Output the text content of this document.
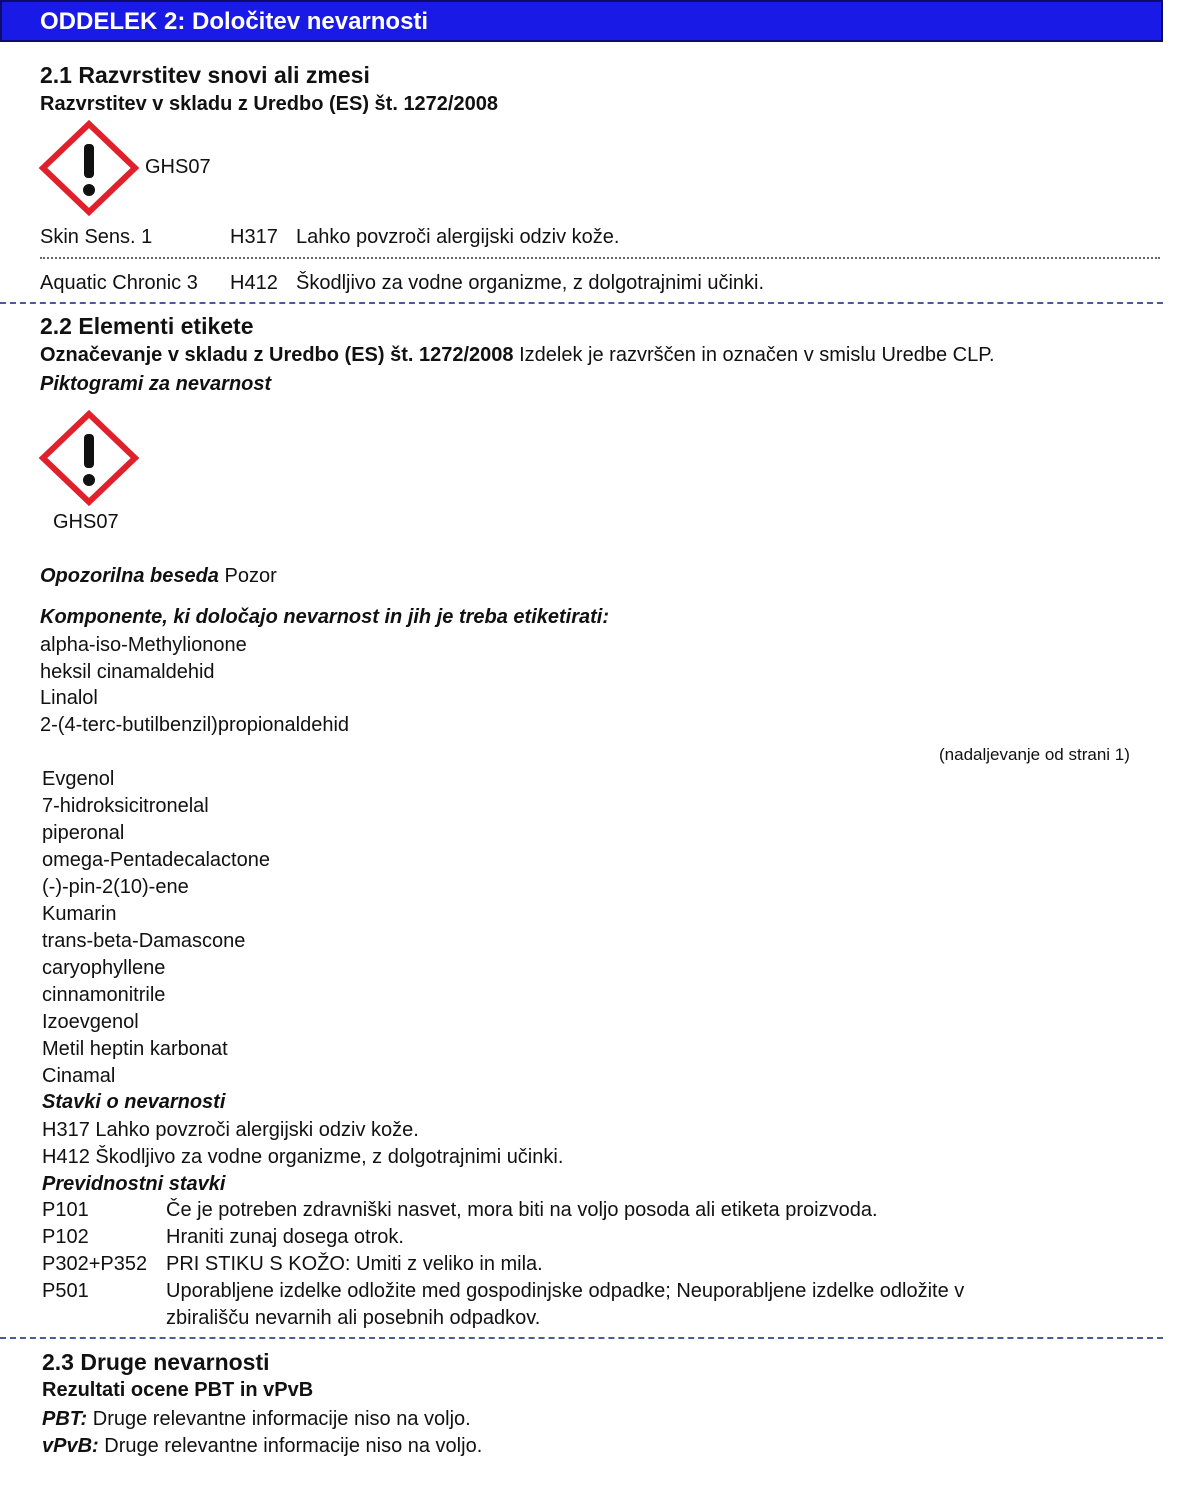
ODDELEK 2: Določitev nevarnosti
2.1 Razvrstitev snovi ali zmesi
Razvrstitev v skladu z Uredbo (ES) št. 1272/2008
GHS07
Skin Sens. 1	H317 Lahko povzroči alergijski odziv kože.
Aquatic Chronic 3 H412 Škodljivo za vodne organizme, z dolgotrajnimi učinki.
2.2 Elementi etikete
Označevanje v skladu z Uredbo (ES) št. 1272/2008 Izdelek je razvrščen in označen v smislu Uredbe CLP.
Piktogrami za nevarnost
GHS07
Opozorilna beseda Pozor
Komponente, ki določajo nevarnost in jih je treba etiketirati:
alpha-iso-Methylionone
heksil cinamaldehid
Linalol
2-(4-terc-butilbenzil)propionaldehid
(nadaljevanje od strani 1)
Evgenol
7-hidroksicitronelal
piperonal
omega-Pentadecalactone
(-)-pin-2(10)-ene
Kumarin
trans-beta-Damascone
caryophyllene
cinnamonitrile
Izoevgenol
Metil heptin karbonat
Cinamal
Stavki o nevarnosti
H317 Lahko povzroči alergijski odziv kože.
H412 Škodljivo za vodne organizme, z dolgotrajnimi učinki.
Previdnostni stavki
P101	Če je potreben zdravniški nasvet, mora biti na voljo posoda ali etiketa proizvoda.
P102	Hraniti zunaj dosega otrok.
P302+P352 PRI STIKU S KOŽO: Umiti z veliko in mila.
P501	Uporabljene izdelke odložite med gospodinjske odpadke; Neuporabljene izdelke odložite v
zbirališču nevarnih ali posebnih odpadkov.
2.3 Druge nevarnosti
Rezultati ocene PBT in vPvB
PBT: Druge relevantne informacije niso na voljo.
vPvB: Druge relevantne informacije niso na voljo.
